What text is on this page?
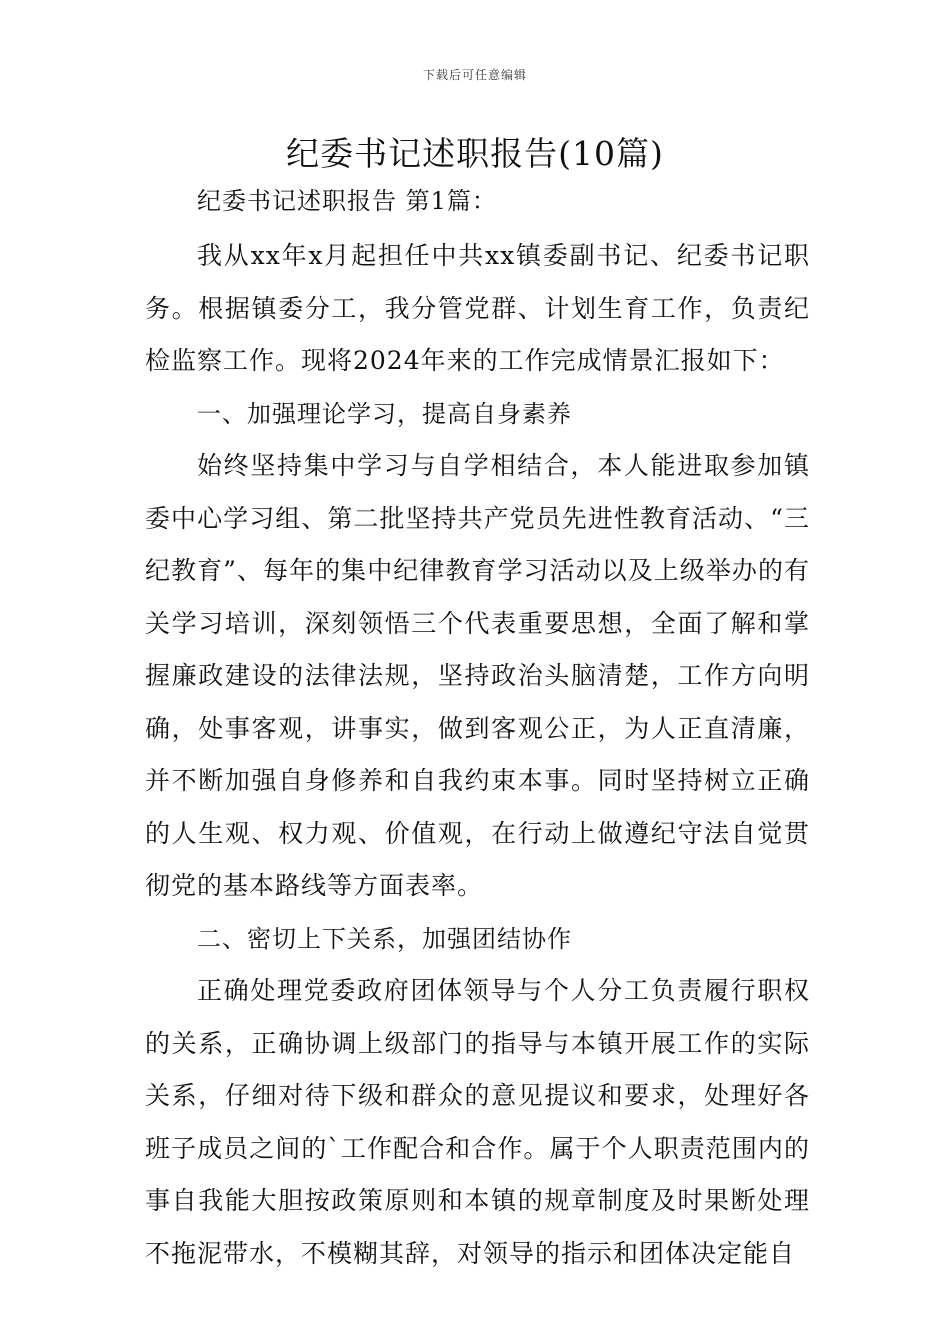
下载后可任意编辑
纪委书记述职报告(10篇)

纪委书记述职报告 第1篇：

我从xx年x月起担任中共xx镇委副书记、纪委书记职务。根据镇委分工，我分管党群、计划生育工作，负责纪检监察工作。现将2024年来的工作完成情景汇报如下：

一、加强理论学习，提高自身素养

始终坚持集中学习与自学相结合，本人能进取参加镇委中心学习组、第二批坚持共产党员先进性教育活动、“三纪教育”、每年的集中纪律教育学习活动以及上级举办的有关学习培训，深刻领悟三个代表重要思想，全面了解和掌握廉政建设的法律法规，坚持政治头脑清楚，工作方向明确，处事客观，讲事实，做到客观公正，为人正直清廉，并不断加强自身修养和自我约束本事。同时坚持树立正确的人生观、权力观、价值观，在行动上做遵纪守法自觉贯彻党的基本路线等方面表率。

二、密切上下关系，加强团结协作

正确处理党委政府团体领导与个人分工负责履行职权的关系，正确协调上级部门的指导与本镇开展工作的实际关系，仔细对待下级和群众的意见提议和要求，处理好各班子成员之间的`工作配合和合作。属于个人职责范围内的事自我能大胆按政策原则和本镇的规章制度及时果断处理不拖泥带水，不模糊其辞，对领导的指示和团体决定能自
